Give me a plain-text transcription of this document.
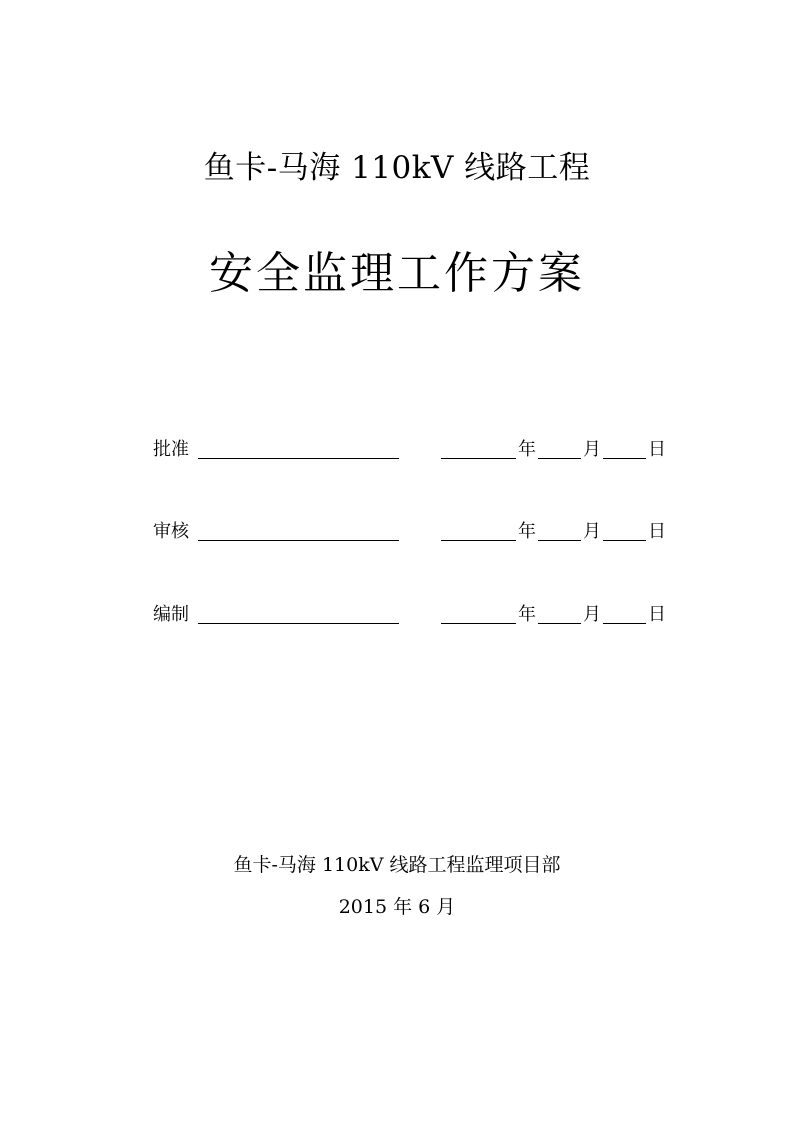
鱼卡-马海 110kV 线路工程
安全监理工作方案
批准	年	月	日
审核	年	月	日
编制	年	月	日
鱼卡-马海 110kV 线路工程监理项目部
2015 年 6 月
